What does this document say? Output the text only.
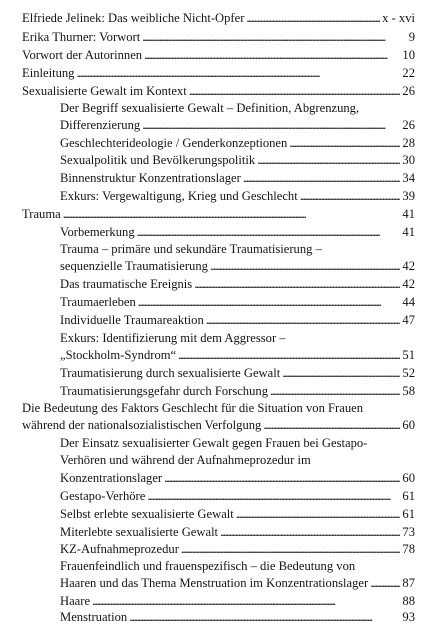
Elfriede Jelinek: Das weibliche Nicht-Opfer . . .	x - xvi
Erika Thurner: Vorwort . . .	9
Vorwort der Autorinnen . . .	10
Einleitung . . .	22
Sexualisierte Gewalt im Kontext . . .	26
Der Begriff sexualisierte Gewalt – Definition, Abgrenzung,
Differenzierung . . .	26
Geschlechterideologie / Genderkonzeptionen . . .	28
Sexualpolitik und Bevölkerungspolitik . . .	30
Binnenstruktur Konzentrationslager . . .	34
Exkurs: Vergewaltigung, Krieg und Geschlecht . . .	39
Trauma . . .	41
Vorbemerkung . . .	41
Trauma – primäre und sekundäre Traumatisierung –
sequenzielle Traumatisierung . . .	42
Das traumatische Ereignis . . .	42
Traumaerleben . . .	44
Individuelle Traumareaktion . . .	47
Exkurs: Identifizierung mit dem Aggressor –
„Stockholm-Syndrom“ . . .	51
Traumatisierung durch sexualisierte Gewalt . . .	52
Traumatisierungsgefahr durch Forschung . . .	58
Die Bedeutung des Faktors Geschlecht für die Situation von Frauen
während der nationalsozialistischen Verfolgung . . .	60
Der Einsatz sexualisierter Gewalt gegen Frauen bei Gestapo-
Verhören und während der Aufnahmeprozedur im
Konzentrationslager . . .	60
Gestapo-Verhöre . . .	61
Selbst erlebte sexualisierte Gewalt . . .	61
Miterlebte sexualisierte Gewalt . . .	73
KZ-Aufnahmeprozedur . . .	78
Frauenfeindlich und frauenspezifisch – die Bedeutung von
Haaren und das Thema Menstruation im Konzentrationslager . . .	87
Haare . . .	88
Menstruation . . .	93
